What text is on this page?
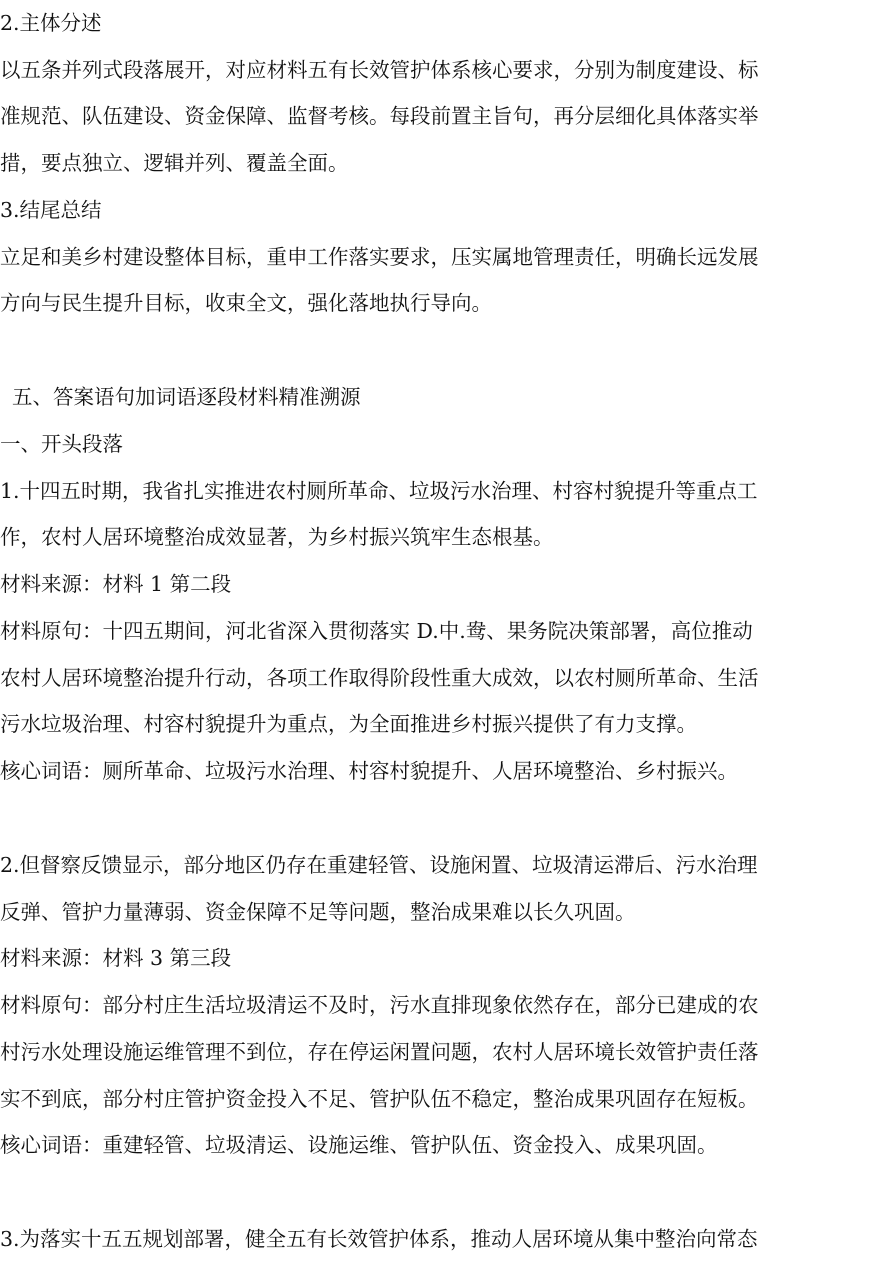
2.主体分述
以五条并列式段落展开，对应材料五有长效管护体系核心要求，分别为制度建设、标
准规范、队伍建设、资金保障、监督考核。每段前置主旨句，再分层细化具体落实举
措，要点独立、逻辑并列、覆盖全面。
3.结尾总结
立足和美乡村建设整体目标，重申工作落实要求，压实属地管理责任，明确长远发展
方向与民生提升目标，收束全文，强化落地执行导向。
五、答案语句加词语逐段材料精准溯源
一、开头段落
1.十四五时期，我省扎实推进农村厕所革命、垃圾污水治理、村容村貌提升等重点工
作，农村人居环境整治成效显著，为乡村振兴筑牢生态根基。
材料来源：材料 1 第二段
材料原句：十四五期间，河北省深入贯彻落实 D.中.鸯、果务院决策部署，高位推动
农村人居环境整治提升行动，各项工作取得阶段性重大成效，以农村厕所革命、生活
污水垃圾治理、村容村貌提升为重点，为全面推进乡村振兴提供了有力支撑。
核心词语：厕所革命、垃圾污水治理、村容村貌提升、人居环境整治、乡村振兴。
2.但督察反馈显示，部分地区仍存在重建轻管、设施闲置、垃圾清运滞后、污水治理
反弹、管护力量薄弱、资金保障不足等问题，整治成果难以长久巩固。
材料来源：材料 3 第三段
材料原句：部分村庄生活垃圾清运不及时，污水直排现象依然存在，部分已建成的农
村污水处理设施运维管理不到位，存在停运闲置问题，农村人居环境长效管护责任落
实不到底，部分村庄管护资金投入不足、管护队伍不稳定，整治成果巩固存在短板。
核心词语：重建轻管、垃圾清运、设施运维、管护队伍、资金投入、成果巩固。
3.为落实十五五规划部署，健全五有长效管护体系，推动人居环境从集中整治向常态
